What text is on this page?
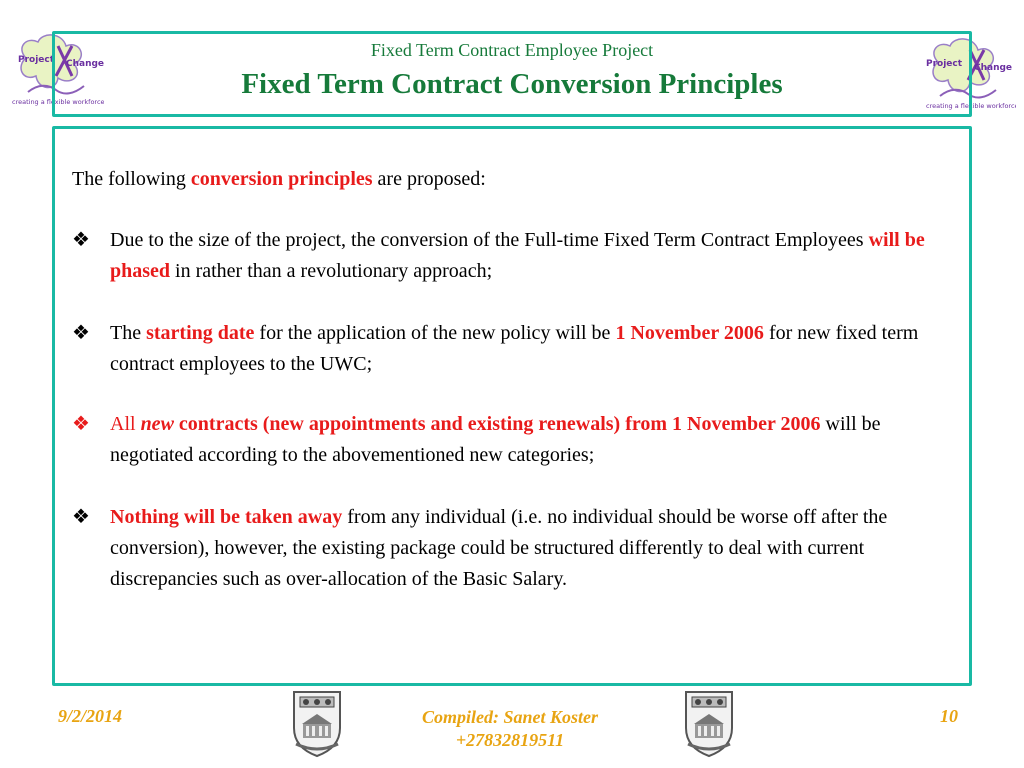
Project Change
creating a flexible workforce
Project Change
creating a flexible workforce
Fixed Term Contract Employee Project
Fixed Term Contract Conversion Principles
The following conversion principles are proposed:
❖	Due to the size of the project, the conversion of the Full-time Fixed Term Contract Employees will be phased in rather than a revolutionary approach;
❖	The starting date for the application of the new policy will be 1 November 2006 for new fixed term contract employees to the UWC;
❖	All new contracts (new appointments and existing renewals) from 1 November 2006 will be negotiated according to the abovementioned new categories;
❖	Nothing will be taken away from any individual (i.e. no individual should be worse off after the conversion), however, the existing package could be structured differently to deal with current discrepancies such as over-allocation of the Basic Salary.
9/2/2014	Compiled: Sanet Koster
+27832819511
10
